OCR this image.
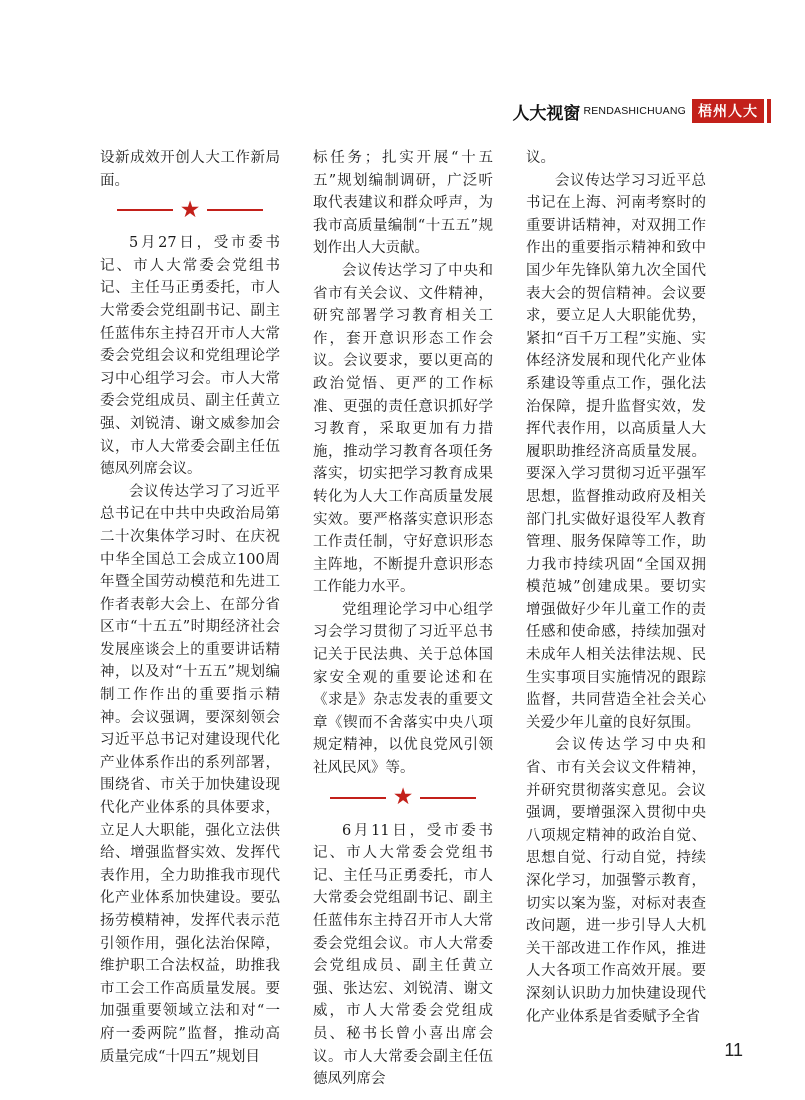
人大视窗 RENDASHICHUANG 梧州人大

设新成效开创人大工作新局面。

★

5月27日，受市委书记、市人大常委会党组书记、主任马正勇委托，市人大常委会党组副书记、副主任蓝伟东主持召开市人大常委会党组会议和党组理论学习中心组学习会。市人大常委会党组成员、副主任黄立强、刘锐清、谢文威参加会议，市人大常委会副主任伍德凤列席会议。

会议传达学习了习近平总书记在中共中央政治局第二十次集体学习时、在庆祝中华全国总工会成立100周年暨全国劳动模范和先进工作者表彰大会上、在部分省区市“十五五”时期经济社会发展座谈会上的重要讲话精神，以及对“十五五”规划编制工作作出的重要指示精神。会议强调，要深刻领会习近平总书记对建设现代化产业体系作出的系列部署，围绕省、市关于加快建设现代化产业体系的具体要求，立足人大职能，强化立法供给、增强监督实效、发挥代表作用，全力助推我市现代化产业体系加快建设。要弘扬劳模精神，发挥代表示范引领作用，强化法治保障，维护职工合法权益，助推我市工会工作高质量发展。要加强重要领域立法和对“一府一委两院”监督，推动高质量完成“十四五”规划目

标任务；扎实开展“十五五”规划编制调研，广泛听取代表建议和群众呼声，为我市高质量编制“十五五”规划作出人大贡献。

会议传达学习了中央和省市有关会议、文件精神，研究部署学习教育相关工作，套开意识形态工作会议。会议要求，要以更高的政治觉悟、更严的工作标准、更强的责任意识抓好学习教育，采取更加有力措施，推动学习教育各项任务落实，切实把学习教育成果转化为人大工作高质量发展实效。要严格落实意识形态工作责任制，守好意识形态主阵地，不断提升意识形态工作能力水平。

党组理论学习中心组学习会学习贯彻了习近平总书记关于民法典、关于总体国家安全观的重要论述和在《求是》杂志发表的重要文章《锲而不舍落实中央八项规定精神，以优良党风引领社风民风》等。

★

6月11日，受市委书记、市人大常委会党组书记、主任马正勇委托，市人大常委会党组副书记、副主任蓝伟东主持召开市人大常委会党组会议。市人大常委会党组成员、副主任黄立强、张达宏、刘锐清、谢文威，市人大常委会党组成员、秘书长曾小喜出席会议。市人大常委会副主任伍德凤列席会

议。

会议传达学习习近平总书记在上海、河南考察时的重要讲话精神，对双拥工作作出的重要指示精神和致中国少年先锋队第九次全国代表大会的贺信精神。会议要求，要立足人大职能优势，紧扣“百千万工程”实施、实体经济发展和现代化产业体系建设等重点工作，强化法治保障，提升监督实效，发挥代表作用，以高质量人大履职助推经济高质量发展。要深入学习贯彻习近平强军思想，监督推动政府及相关部门扎实做好退役军人教育管理、服务保障等工作，助力我市持续巩固“全国双拥模范城”创建成果。要切实增强做好少年儿童工作的责任感和使命感，持续加强对未成年人相关法律法规、民生实事项目实施情况的跟踪监督，共同营造全社会关心关爱少年儿童的良好氛围。

会议传达学习中央和省、市有关会议文件精神，并研究贯彻落实意见。会议强调，要增强深入贯彻中央八项规定精神的政治自觉、思想自觉、行动自觉，持续深化学习，加强警示教育，切实以案为鉴，对标对表查改问题，进一步引导人大机关干部改进工作作风，推进人大各项工作高效开展。要深刻认识助力加快建设现代化产业体系是省委赋予全省

11
